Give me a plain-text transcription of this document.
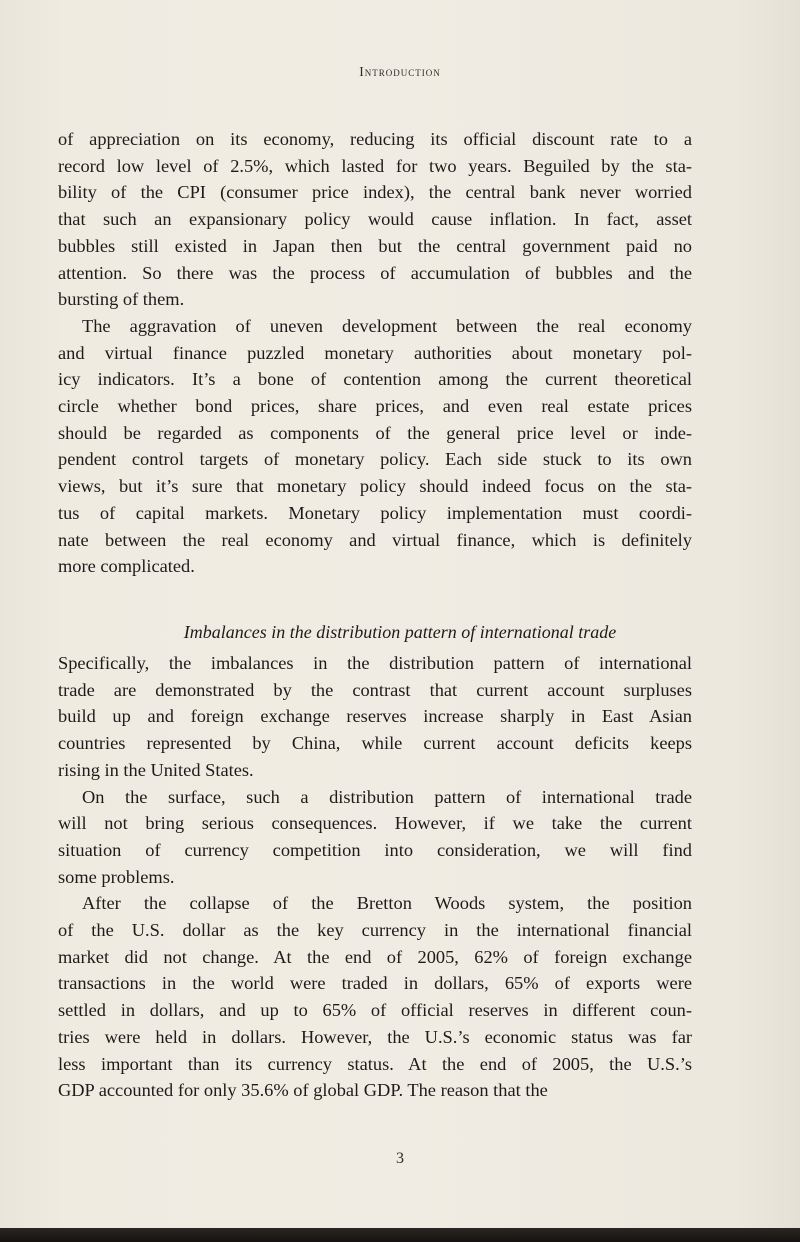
Introduction
of appreciation on its economy, reducing its official discount rate to a
record low level of 2.5%, which lasted for two years. Beguiled by the sta-
bility of the CPI (consumer price index), the central bank never worried
that such an expansionary policy would cause inflation. In fact, asset
bubbles still existed in Japan then but the central government paid no
attention. So there was the process of accumulation of bubbles and the
bursting of them.
The aggravation of uneven development between the real economy
and virtual finance puzzled monetary authorities about monetary pol-
icy indicators. It’s a bone of contention among the current theoretical
circle whether bond prices, share prices, and even real estate prices
should be regarded as components of the general price level or inde-
pendent control targets of monetary policy. Each side stuck to its own
views, but it’s sure that monetary policy should indeed focus on the sta-
tus of capital markets. Monetary policy implementation must coordi-
nate between the real economy and virtual finance, which is definitely
more complicated.
Imbalances in the distribution pattern of international trade
Specifically, the imbalances in the distribution pattern of international
trade are demonstrated by the contrast that current account surpluses
build up and foreign exchange reserves increase sharply in East Asian
countries represented by China, while current account deficits keeps
rising in the United States.
On the surface, such a distribution pattern of international trade
will not bring serious consequences. However, if we take the current
situation of currency competition into consideration, we will find
some problems.
After the collapse of the Bretton Woods system, the position
of the U.S. dollar as the key currency in the international financial
market did not change. At the end of 2005, 62% of foreign exchange
transactions in the world were traded in dollars, 65% of exports were
settled in dollars, and up to 65% of official reserves in different coun-
tries were held in dollars. However, the U.S.’s economic status was far
less important than its currency status. At the end of 2005, the U.S.’s
GDP accounted for only 35.6% of global GDP. The reason that the
3
